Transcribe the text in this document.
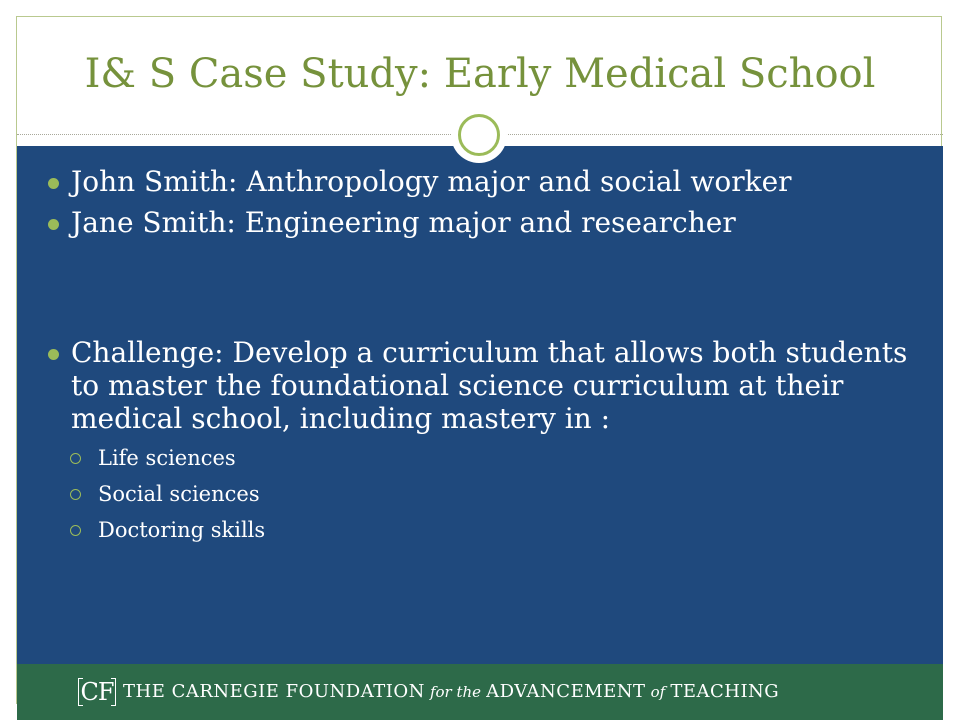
I& S Case Study: Early Medical School
John Smith: Anthropology major and social worker
Jane Smith: Engineering major and researcher
Challenge: Develop a curriculum that allows both students to master the foundational science curriculum at their medical school, including mastery in :
Life sciences
Social sciences
Doctoring skills
CF THE CARNEGIE FOUNDATION for the ADVANCEMENT of TEACHING
